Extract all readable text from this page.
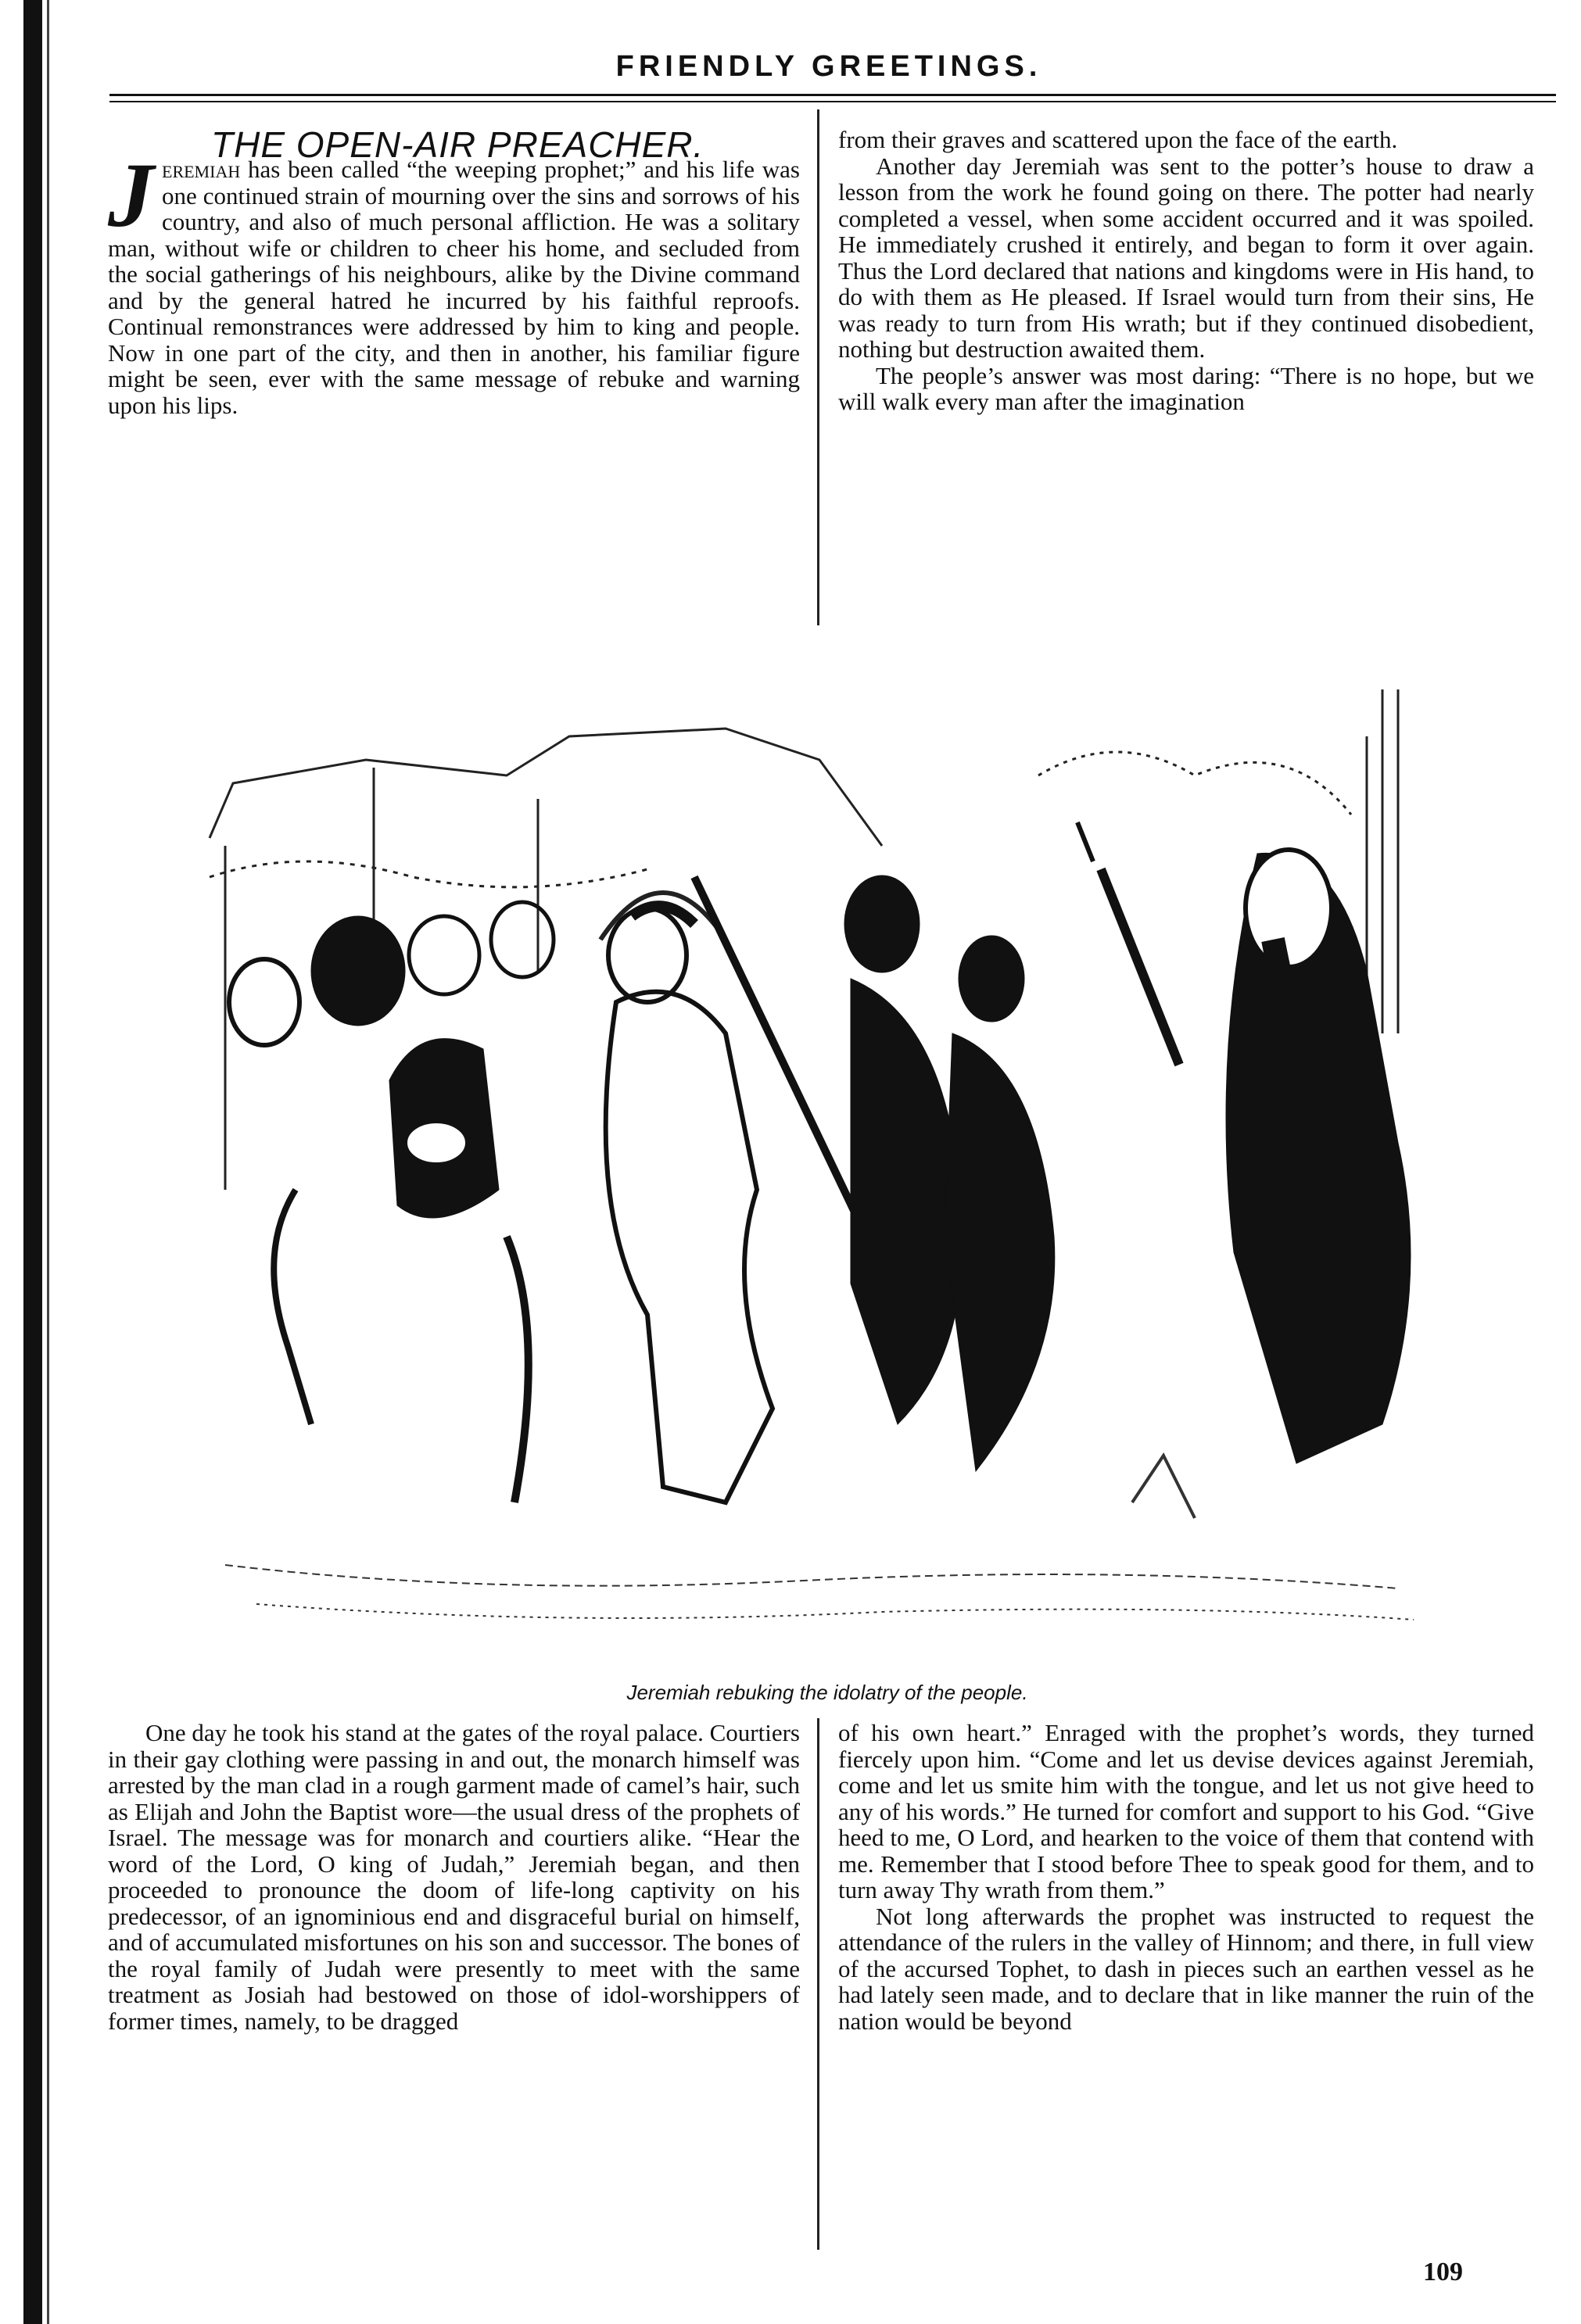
FRIENDLY GREETINGS.
THE OPEN-AIR PREACHER.

Jeremiah has been called “the weeping prophet;” and his life was one continued strain of mourning over the sins and sorrows of his country, and also of much personal affliction. He was a solitary man, without wife or children to cheer his home, and secluded from the social gatherings of his neighbours, alike by the Divine command and by the general hatred he incurred by his faithful reproofs. Continual remonstrances were addressed by him to king and people. Now in one part of the city, and then in another, his familiar figure might be seen, ever with the same message of rebuke and warning upon his lips.

from their graves and scattered upon the face of the earth.

Another day Jeremiah was sent to the potter’s house to draw a lesson from the work he found going on there. The potter had nearly completed a vessel, when some accident occurred and it was spoiled. He immediately crushed it entirely, and began to form it over again. Thus the Lord declared that nations and kingdoms were in His hand, to do with them as He pleased. If Israel would turn from their sins, He was ready to turn from His wrath; but if they continued disobedient, nothing but destruction awaited them.

The people’s answer was most daring: “There is no hope, but we will walk every man after the imagination

Jeremiah rebuking the idolatry of the people.

One day he took his stand at the gates of the royal palace. Courtiers in their gay clothing were passing in and out, the monarch himself was arrested by the man clad in a rough garment made of camel’s hair, such as Elijah and John the Baptist wore—the usual dress of the prophets of Israel. The message was for monarch and courtiers alike. “Hear the word of the Lord, O king of Judah,” Jeremiah began, and then proceeded to pronounce the doom of life-long captivity on his predecessor, of an ignominious end and disgraceful burial on himself, and of accumulated misfortunes on his son and successor. The bones of the royal family of Judah were presently to meet with the same treatment as Josiah had bestowed on those of idol-worshippers of former times, namely, to be dragged

of his own heart.” Enraged with the prophet’s words, they turned fiercely upon him. “Come and let us devise devices against Jeremiah, come and let us smite him with the tongue, and let us not give heed to any of his words.” He turned for comfort and support to his God. “Give heed to me, O Lord, and hearken to the voice of them that contend with me. Remember that I stood before Thee to speak good for them, and to turn away Thy wrath from them.”

Not long afterwards the prophet was instructed to request the attendance of the rulers in the valley of Hinnom; and there, in full view of the accursed Tophet, to dash in pieces such an earthen vessel as he had lately seen made, and to declare that in like manner the ruin of the nation would be beyond

109
